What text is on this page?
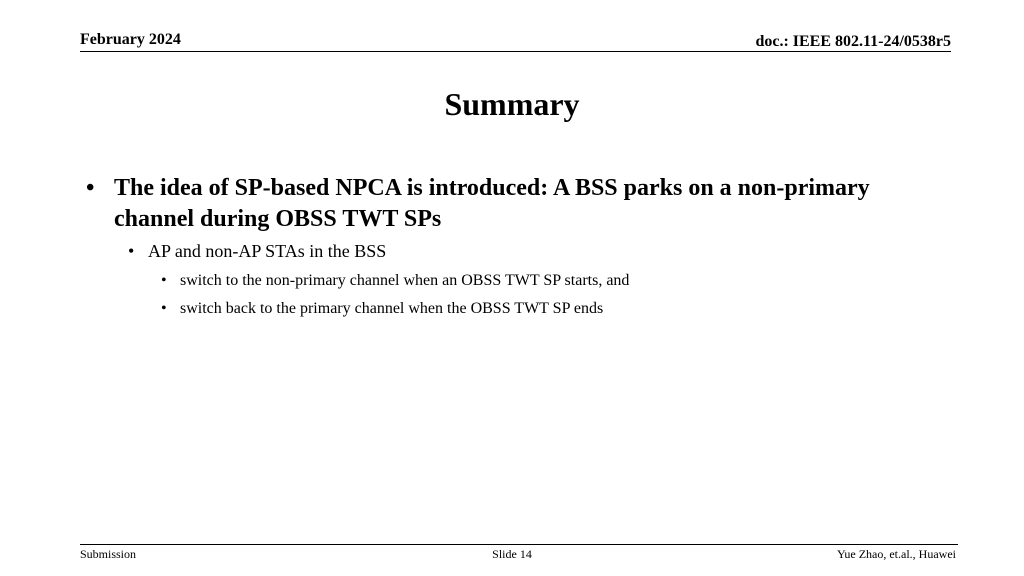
February 2024	doc.: IEEE 802.11-24/0538r5
Summary
• The idea of SP-based NPCA is introduced: A BSS parks on a non-primary channel during OBSS TWT SPs
• AP and non-AP STAs in the BSS
• switch to the non-primary channel when an OBSS TWT SP starts, and
• switch back to the primary channel when the OBSS TWT SP ends
Submission	Slide 14	Yue Zhao, et.al., Huawei
